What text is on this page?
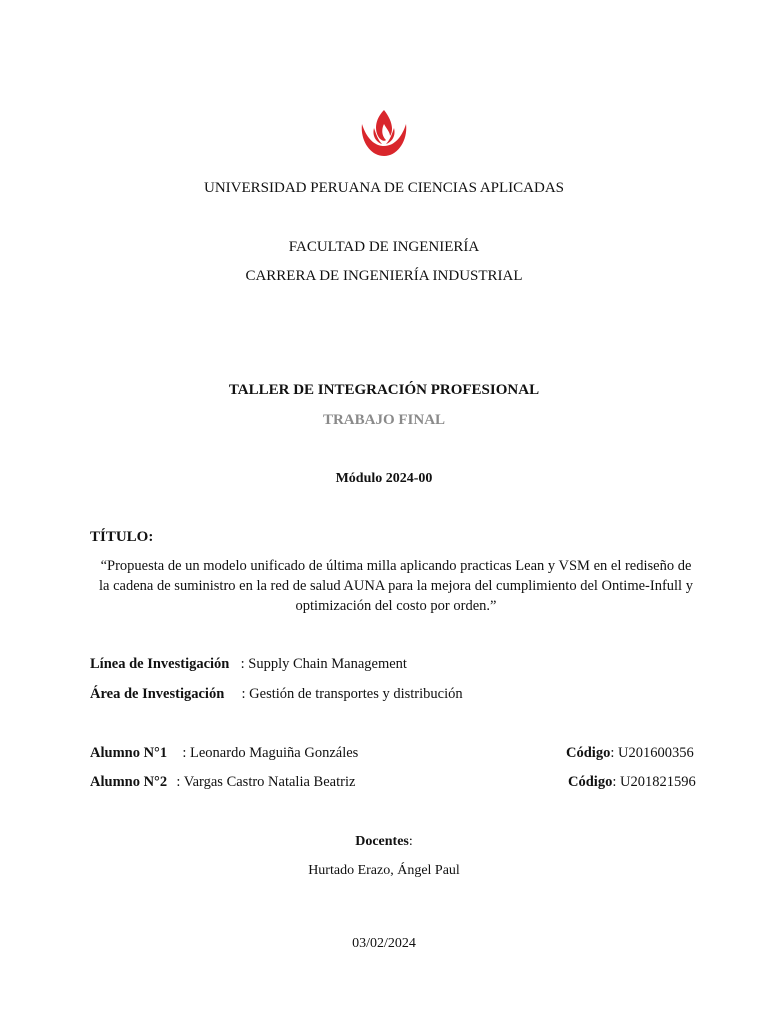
UNIVERSIDAD PERUANA DE CIENCIAS APLICADAS
FACULTAD DE INGENIERÍA
CARRERA DE INGENIERÍA INDUSTRIAL
TALLER DE INTEGRACIÓN PROFESIONAL
TRABAJO FINAL
Módulo 2024-00
TÍTULO:
“Propuesta de un modelo unificado de última milla aplicando practicas Lean y VSM en el rediseño de la cadena de suministro en la red de salud AUNA para la mejora del cumplimiento del Ontime-Infull y optimización del costo por orden.”
Línea de Investigación : Supply Chain Management
Área de Investigación : Gestión de transportes y distribución
Alumno N°1 : Leonardo Maguiña Gonzáles	Código: U201600356
Alumno N°2 : Vargas Castro Natalia Beatriz	Código: U201821596
Docentes:
Hurtado Erazo, Ángel Paul
03/02/2024
